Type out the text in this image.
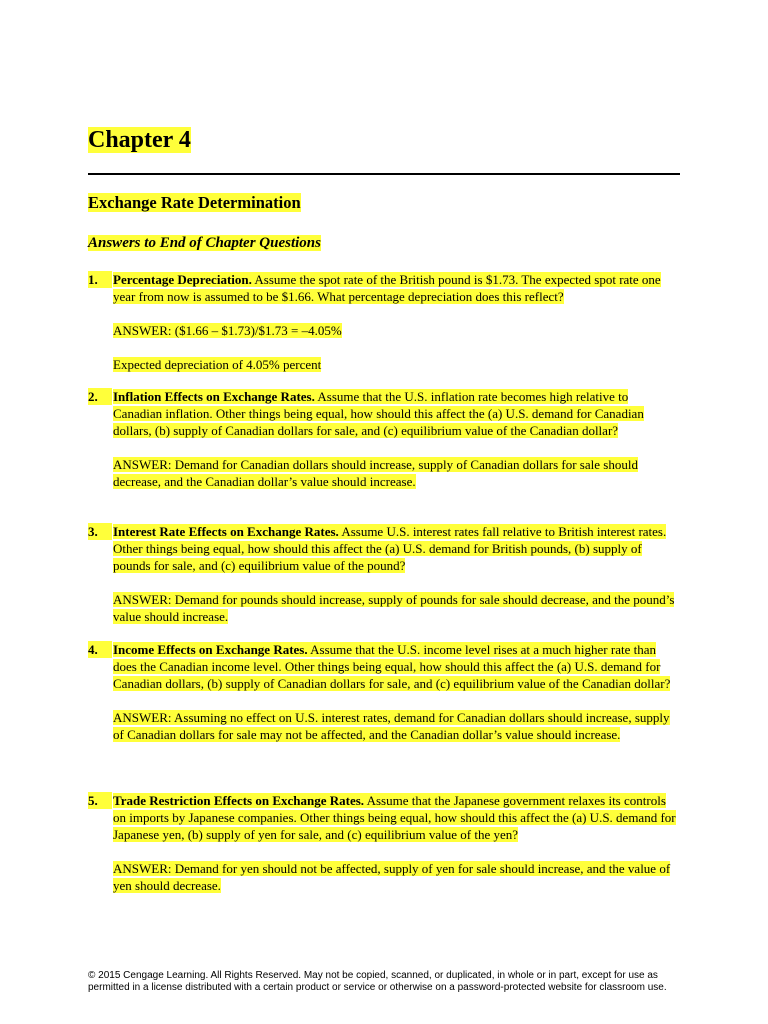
Chapter 4
Exchange Rate Determination
Answers to End of Chapter Questions
1.	Percentage Depreciation. Assume the spot rate of the British pound is $1.73. The expected spot rate one year from now is assumed to be $1.66. What percentage depreciation does this reflect?
ANSWER: ($1.66 – $1.73)/$1.73 = –4.05%
Expected depreciation of 4.05% percent
2.	Inflation Effects on Exchange Rates. Assume that the U.S. inflation rate becomes high relative to Canadian inflation. Other things being equal, how should this affect the (a) U.S. demand for Canadian dollars, (b) supply of Canadian dollars for sale, and (c) equilibrium value of the Canadian dollar?
ANSWER: Demand for Canadian dollars should increase, supply of Canadian dollars for sale should decrease, and the Canadian dollar’s value should increase.
3.	Interest Rate Effects on Exchange Rates. Assume U.S. interest rates fall relative to British interest rates. Other things being equal, how should this affect the (a) U.S. demand for British pounds, (b) supply of pounds for sale, and (c) equilibrium value of the pound?
ANSWER: Demand for pounds should increase, supply of pounds for sale should decrease, and the pound’s value should increase.
4.	Income Effects on Exchange Rates. Assume that the U.S. income level rises at a much higher rate than does the Canadian income level. Other things being equal, how should this affect the (a) U.S. demand for Canadian dollars, (b) supply of Canadian dollars for sale, and (c) equilibrium value of the Canadian dollar?
ANSWER: Assuming no effect on U.S. interest rates, demand for Canadian dollars should increase, supply of Canadian dollars for sale may not be affected, and the Canadian dollar’s value should increase.
5.	Trade Restriction Effects on Exchange Rates. Assume that the Japanese government relaxes its controls on imports by Japanese companies. Other things being equal, how should this affect the (a) U.S. demand for Japanese yen, (b) supply of yen for sale, and (c) equilibrium value of the yen?
ANSWER: Demand for yen should not be affected, supply of yen for sale should increase, and the value of yen should decrease.
© 2015 Cengage Learning. All Rights Reserved. May not be copied, scanned, or duplicated, in whole or in part, except for use as permitted in a license distributed with a certain product or service or otherwise on a password-protected website for classroom use.
